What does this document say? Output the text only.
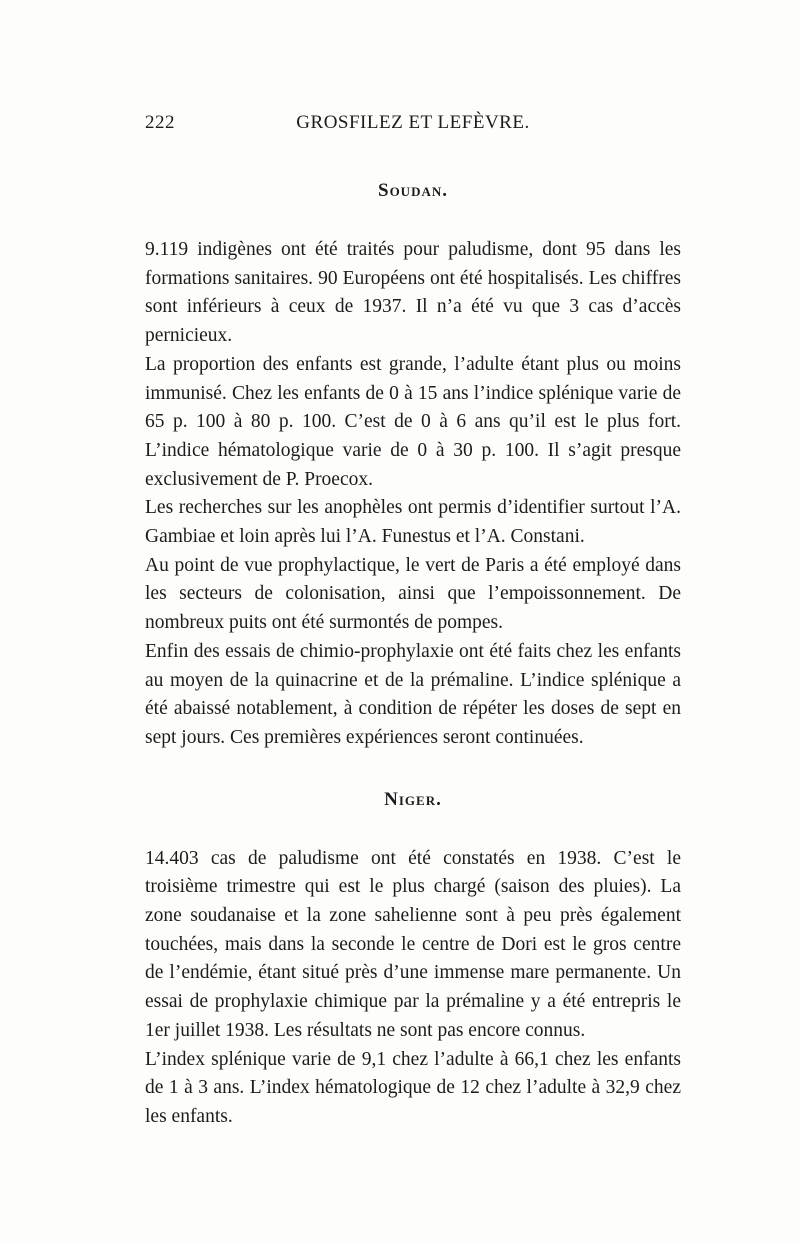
222	GROSFILEZ ET LEFÈVRE.
Soudan.

9.119 indigènes ont été traités pour paludisme, dont 95 dans les formations sanitaires. 90 Européens ont été hospitalisés. Les chiffres sont inférieurs à ceux de 1937. Il n’a été vu que 3 cas d’accès pernicieux.

La proportion des enfants est grande, l’adulte étant plus ou moins immunisé. Chez les enfants de 0 à 15 ans l’indice splénique varie de 65 p. 100 à 80 p. 100. C’est de 0 à 6 ans qu’il est le plus fort. L’indice hématologique varie de 0 à 30 p. 100. Il s’agit presque exclusivement de P. Proecox.

Les recherches sur les anophèles ont permis d’identifier surtout l’A. Gambiae et loin après lui l’A. Funestus et l’A. Constani.

Au point de vue prophylactique, le vert de Paris a été employé dans les secteurs de colonisation, ainsi que l’empoissonnement. De nombreux puits ont été surmontés de pompes.

Enfin des essais de chimio-prophylaxie ont été faits chez les enfants au moyen de la quinacrine et de la prémaline. L’indice splénique a été abaissé notablement, à condition de répéter les doses de sept en sept jours. Ces premières expériences seront continuées.

Niger.

14.403 cas de paludisme ont été constatés en 1938. C’est le troisième trimestre qui est le plus chargé (saison des pluies). La zone soudanaise et la zone sahelienne sont à peu près également touchées, mais dans la seconde le centre de Dori est le gros centre de l’endémie, étant situé près d’une immense mare permanente. Un essai de prophylaxie chimique par la prémaline y a été entrepris le 1er juillet 1938. Les résultats ne sont pas encore connus.

L’index splénique varie de 9,1 chez l’adulte à 66,1 chez les enfants de 1 à 3 ans. L’index hématologique de 12 chez l’adulte à 32,9 chez les enfants.
